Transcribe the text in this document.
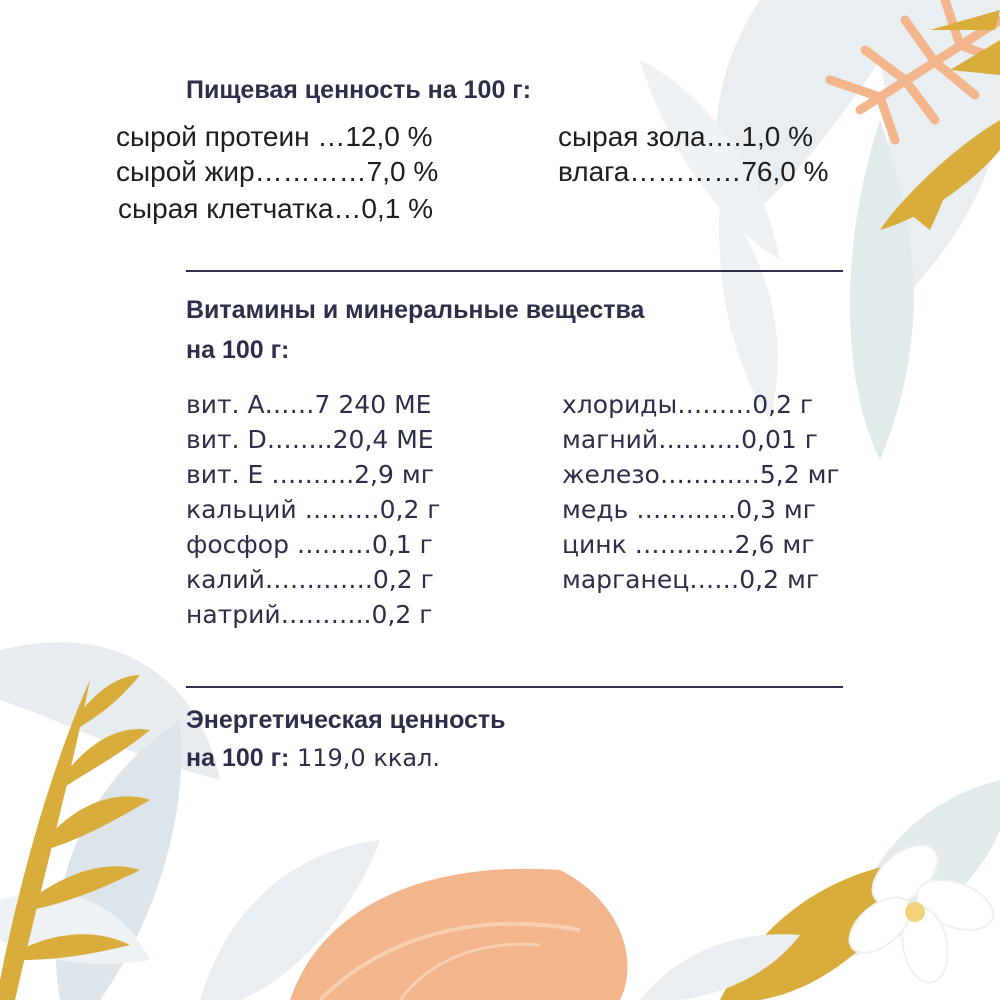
Пищевая ценность на 100 г:
сырой протеин …12,0 %
сырой жир…………7,0 %
сырая клетчатка…0,1 %
сырая зола….1,0 %
влага…………76,0 %
Витамины и минеральные вещества
на 100 г:
вит. А……7 240 МЕ
вит. D……..20,4 МЕ
вит. Е ……….2,9 мг
кальций ………0,2 г
фосфор ………0,1 г
калий………….0,2 г
натрий………..0,2 г
хлориды………0,2 г
магний……….0,01 г
железо…………5,2 мг
медь …………0,3 мг
цинк …………2,6 мг
марганец……0,2 мг
Энергетическая ценность
на 100 г: 119,0 ккал.
